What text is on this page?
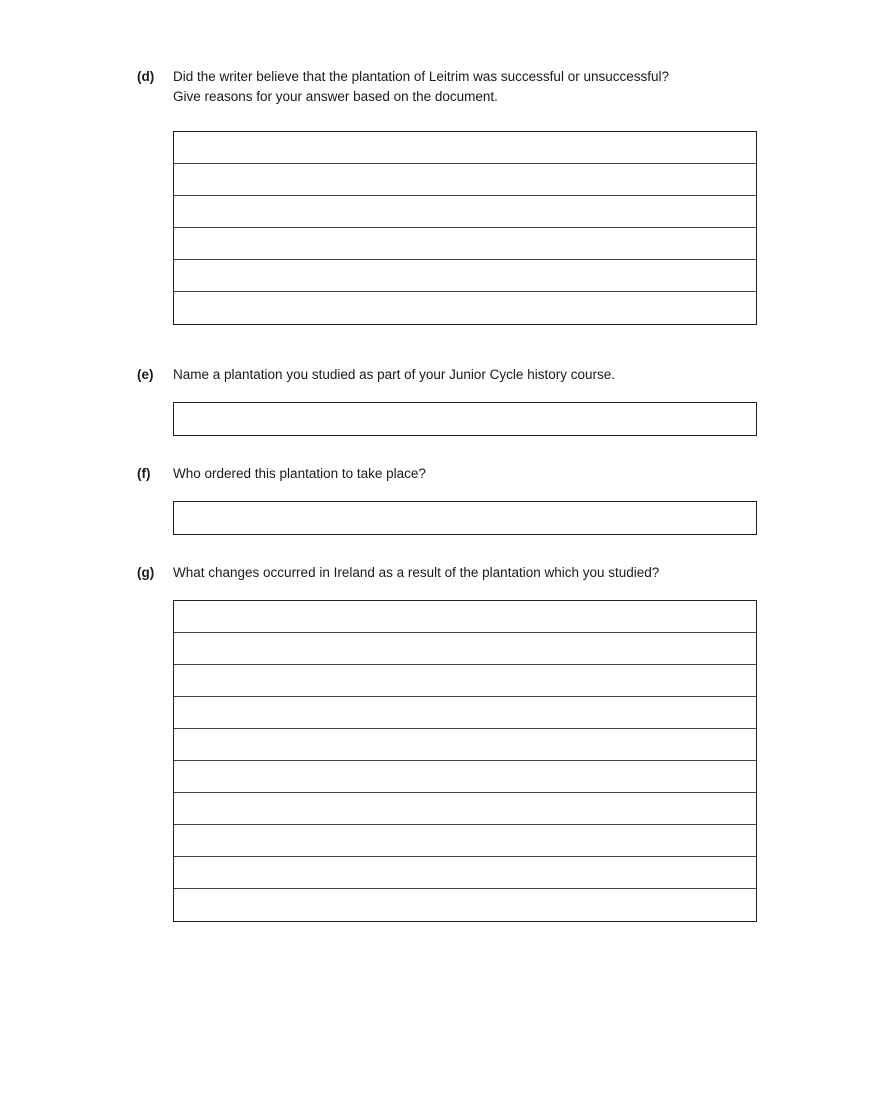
(d) Did the writer believe that the plantation of Leitrim was successful or unsuccessful?
Give reasons for your answer based on the document.
(e) Name a plantation you studied as part of your Junior Cycle history course.
(f) Who ordered this plantation to take place?
(g) What changes occurred in Ireland as a result of the plantation which you studied?
